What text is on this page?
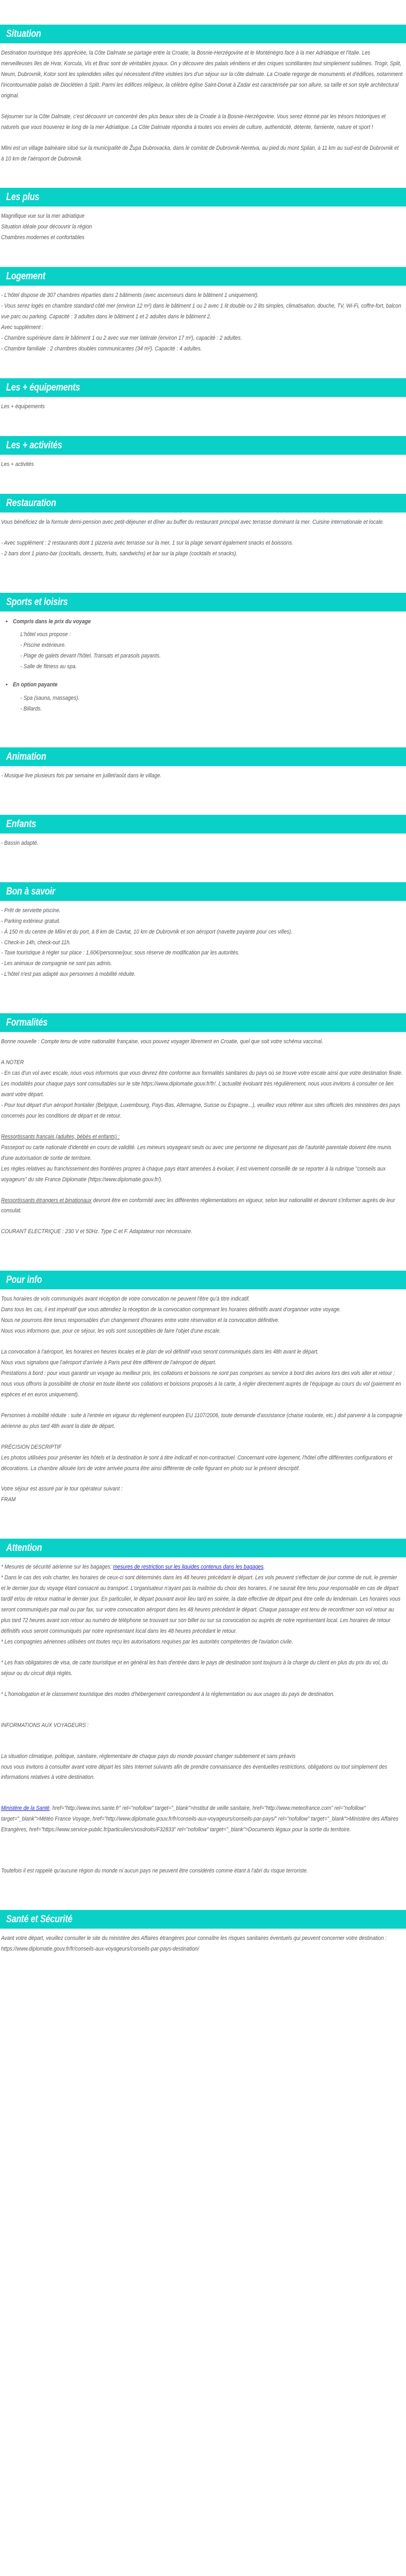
Situation

Destination touristique très appréciée, la Côte Dalmate se partage entre la Croatie, la Bosnie-Herzégovine et le Monténégro face à la mer Adriatique et l'Italie. Les merveilleuses îles de Hvar, Korcula, Vis et Brac sont de véritables joyaux. On y découvre des palais vénitiens et des criques scintillantes tout simplement sublimes. Trogir, Split, Neum, Dubrovnik, Kotor sont les splendides villes qui nécessitent d'être visitées lors d'un séjour sur la côte dalmate. La Croatie regorge de monuments et d'édifices, notamment l'incontournable palais de Dioclétien à Split. Parmi les édifices religieux, la célèbre église Saint-Donat à Zadar est caractérisée par son allure, sa taille et son style architectural original.

Séjourner sur la Côte Dalmate, c'est découvrir un concentré des plus beaux sites de la Croatie à la Bosnie-Herzégovine. Vous serez étonné par les trésors historiques et naturels que vous trouverez le long de la mer Adriatique. La Côte Dalmate répondra à toutes vos envies de culture, authenticité, détente, farniente, nature et sport !

Mlini est un village balnéaire situé sur la municipalité de Župa Dubrovacka, dans le comitat de Dubrovnik-Neretva, au pied du mont Spilan, à 11 km au sud-est de Dubrovnik et à 10 km de l'aéroport de Dubrovnik.

Les plus

Magnifique vue sur la mer adriatique

Situation idéale pour découvrir la région

Chambres modernes et confortables

Logement

- L'hôtel dispose de 307 chambres réparties dans 2 bâtiments (avec ascenseurs dans le bâtiment 1 uniquement).

- Vous serez logés en chambre standard côté mer (environ 12 m²) dans le bâtiment 1 ou 2 avec 1 lit double ou 2 lits simples, climatisation, douche, TV, Wi-Fi, coffre-fort, balcon vue parc ou parking. Capacité : 3 adultes dans le bâtiment 1 et 2 adultes dans le bâtiment 2.

Avec supplément :

- Chambre supérieure dans le bâtiment 1 ou 2 avec vue mer latérale (environ 17 m²), capacité : 2 adultes.

- Chambre familiale : 2 chambres doubles communicantes (34 m²). Capacité : 4 adultes.

Les + équipements

Les + équipements

Les + activités

Les + activités

Restauration

Vous bénéficiez de la formule demi-pension avec petit-déjeuner et dîner au buffet du restaurant principal avec terrasse dominant la mer. Cuisine internationale et locale.

- Avec supplément : 2 restaurants dont 1 pizzeria avec terrasse sur la mer, 1 sur la plage servant également snacks et boissons.

- 2 bars dont 1 piano-bar (cocktails, desserts, fruits, sandwichs) et bar sur la plage (cocktails et snacks).

Sports et loisirs
• Compris dans le prix du voyage
L'hôtel vous propose :
- Piscine extérieure.
- Plage de galets devant l'hôtel. Transats et parasols payants.
- Salle de fitness au spa.
• En option payante
- Spa (sauna, massages).
- Billards.
Animation

- Musique live plusieurs fois par semaine en juillet/août dans le village.

Enfants

- Bassin adapté.

Bon à savoir

- Prêt de serviette piscine.

- Parking extérieur gratuit.

- À 150 m du centre de Mlini et du port, à 8 km de Cavtat, 10 km de Dubrovnik et son aéroport (navette payante pour ces villes).

- Check-in 14h, check-out 11h.

- Taxe touristique à régler sur place : 1,60€/personne/jour, sous réserve de modification par les autorités.

- Les animaux de compagnie ne sont pas admis.

- L'hôtel n'est pas adapté aux personnes à mobilité réduite.

Formalités

Bonne nouvelle : Compte tenu de votre nationalité française, vous pouvez voyager librement en Croatie, quel que soit votre schéma vaccinal.

A NOTER

- En cas d'un vol avec escale, nous vous informons que vous devrez être conforme aux formalités sanitaires du pays où se trouve votre escale ainsi que votre destination finale.

Les modalités pour chaque pays sont consultables sur le site https://www.diplomatie.gouv.fr/fr/. L'actualité évoluant très régulièrement, nous vous invitons à consulter ce lien avant votre départ.

- Pour tout départ d'un aéroport frontalier (Belgique, Luxembourg, Pays-Bas, Allemagne, Suisse ou Espagne...), veuillez vous référer aux sites officiels des ministères des pays concernés pour les conditions de départ et de retour.

Ressortissants français (adultes, bébés et enfants) :

Passeport ou carte nationale d'identité en cours de validité. Les mineurs voyageant seuls ou avec une personne ne disposant pas de l'autorité parentale doivent être munis d'une autorisation de sortie de territoire.

Les règles relatives au franchissement des frontières propres à chaque pays étant amenées à évoluer, il est vivement conseillé de se reporter à la rubrique "conseils aux voyageurs" du site France Diplomatie (https://www.diplomatie.gouv.fr/).

Ressortissants étrangers et binationaux devront être en conformité avec les différentes réglementations en vigueur, selon leur nationalité et devront s'informer auprès de leur consulat.

COURANT ELECTRIQUE : 230 V et 50Hz. Type C et F. Adaptateur non nécessaire.

Pour info

Tous horaires de vols communiqués avant réception de votre convocation ne peuvent l'être qu'à titre indicatif.

Dans tous les cas, il est impératif que vous attendiez la réception de la convocation comprenant les horaires définitifs avant d'organiser votre voyage.

Nous ne pourrons être tenus responsables d'un changement d'horaires entre votre réservation et la convocation définitive.

Nous vous informons que, pour ce séjour, les vols sont susceptibles de faire l'objet d'une escale.

La convocation à l'aéroport, les horaires en heures locales et le plan de vol définitif vous seront communiqués dans les 48h avant le départ.

Nous vous signalons que l'aéroport d'arrivée à Paris peut être différent de l'aéroport de départ.

Prestations à bord : pour vous garantir un voyage au meilleur prix, les collations et boissons ne sont pas comprises au service à bord des avions lors des vols aller et retour ; nous vous offrons la possibilité de choisir en toute liberté vos collations et boissons proposés à la carte, à régler directement auprès de l'équipage au cours du vol (paiement en espèces et en euros uniquement).

Personnes à mobilité réduite : suite à l'entrée en vigueur du règlement européen EU 1107/2006, toute demande d'assistance (chaise roulante, etc.) doit parvenir à la compagnie aérienne au plus tard 48h avant la date de départ.

PRÉCISION DESCRIPTIF

Les photos utilisées pour présenter les hôtels et la destination le sont à titre indicatif et non-contractuel. Concernant votre logement, l'hôtel offre différentes configurations et décorations. La chambre allouée lors de votre arrivée pourra être ainsi différente de celle figurant en photo sur le présent descriptif.

Votre séjour est assuré par le tour opérateur suivant :

FRAM

Attention

* Mesures de sécurité aérienne sur les bagages: mesures de restriction sur les liquides contenus dans les bagages.

* Dans le cas des vols charter, les horaires de ceux-ci sont déterminés dans les 48 heures précédant le départ. Les vols peuvent s'effectuer de jour comme de nuit, le premier et le dernier jour du voyage étant consacré au transport. L'organisateur n'ayant pas la maîtrise du choix des horaires, il ne saurait être tenu pour responsable en cas de départ tardif et/ou de retour matinal le dernier jour. En particulier, le départ pouvant avoir lieu tard en soirée, la date effective de départ peut être celle du lendemain. Les horaires vous seront communiqués par mail ou par fax, sur votre convocation aéroport dans les 48 heures précédant le départ. Chaque passager est tenu de reconfirmer son vol retour au plus tard 72 heures avant son retour au numéro de téléphone se trouvant sur son billet ou sur sa convocation ou auprés de notre représentant local. Les horaires de retour définitifs vous seront communiqués par notre représentant local dans les 48 heures précédant le retour.

* Les compagnies aériennes utilisées ont toutes reçu les autorisations requises par les autorités compétentes de l'aviation civile.

* Les frais obligatoires de visa, de carte touristique et en général les frais d'entrée dans le pays de destination sont toujours à la charge du client en plus du prix du vol, du séjour ou du circuit déjà réglés.

* L'homologation et le classement touristique des modes d'hébergement correspondent à la réglementation ou aux usages du pays de destination.

INFORMATIONS AUX VOYAGEURS :

La situation climatique, politique, sanitaire, réglementaire de chaque pays du monde pouvant changer subitement et sans préavis

nous vous invitons à consulter avant votre départ les sites Internet suivants afin de prendre connaissance des éventuelles restrictions, obligations ou tout simplement des informations relatives à votre destination.

Ministère de la Santé, href="http://www.invs.sante.fr" rel="nofollow" target="_blank">Institut de veille sanitaire, href="http://www.meteofrance.com" rel="nofollow" target="_blank">Météo France Voyage, href="http://www.diplomatie.gouv.fr/fr/conseils-aux-voyageurs/conseils-par-pays/" rel="nofollow" target="_blank">Ministère des Affaires Etrangères, href="https://www.service-public.fr/particuliers/vosdroits/F32833" rel="nofollow" target="_blank">Documents légaux pour la sortie du territoire.

Toutefois il est rappelé qu'aucune région du monde ni aucun pays ne peuvent être considérés comme étant à l'abri du risque terroriste.

Santé et Sécurité

Avant votre départ, veuillez consulter le site du ministère des Affaires étrangères pour connaître les risques sanitaires éventuels qui peuvent concerner votre destination : https://www.diplomatie.gouv.fr/fr/conseils-aux-voyageurs/conseils-par-pays-destination/
